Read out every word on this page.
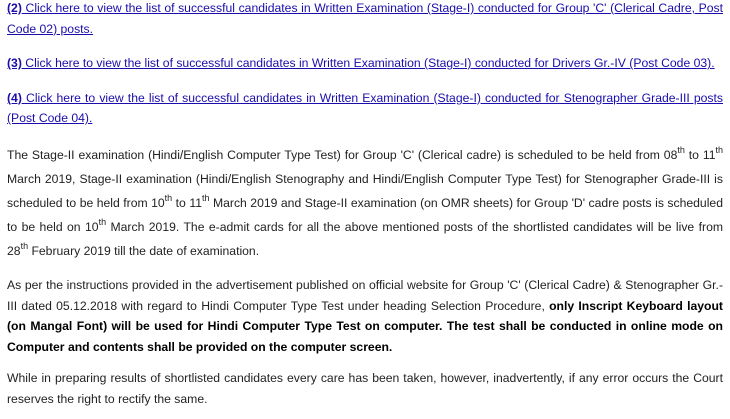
(2) Click here to view the list of successful candidates in Written Examination (Stage-I) conducted for Group 'C' (Clerical Cadre, Post Code 02) posts.

(3) Click here to view the list of successful candidates in Written Examination (Stage-I) conducted for Drivers Gr.-IV (Post Code 03).

(4) Click here to view the list of successful candidates in Written Examination (Stage-I) conducted for Stenographer Grade-III posts (Post Code 04).

The Stage-II examination (Hindi/English Computer Type Test) for Group 'C' (Clerical cadre) is scheduled to be held from 08th to 11th March 2019, Stage-II examination (Hindi/English Stenography and Hindi/English Computer Type Test) for Stenographer Grade-III is scheduled to be held from 10th to 11th March 2019 and Stage-II examination (on OMR sheets) for Group 'D' cadre posts is scheduled to be held on 10th March 2019. The e-admit cards for all the above mentioned posts of the shortlisted candidates will be live from 28th February 2019 till the date of examination.

As per the instructions provided in the advertisement published on official website for Group 'C' (Clerical Cadre) & Stenographer Gr.-III dated 05.12.2018 with regard to Hindi Computer Type Test under heading Selection Procedure, only Inscript Keyboard layout (on Mangal Font) will be used for Hindi Computer Type Test on computer. The test shall be conducted in online mode on Computer and contents shall be provided on the computer screen.

While in preparing results of shortlisted candidates every care has been taken, however, inadvertently, if any error occurs the Court reserves the right to rectify the same.
